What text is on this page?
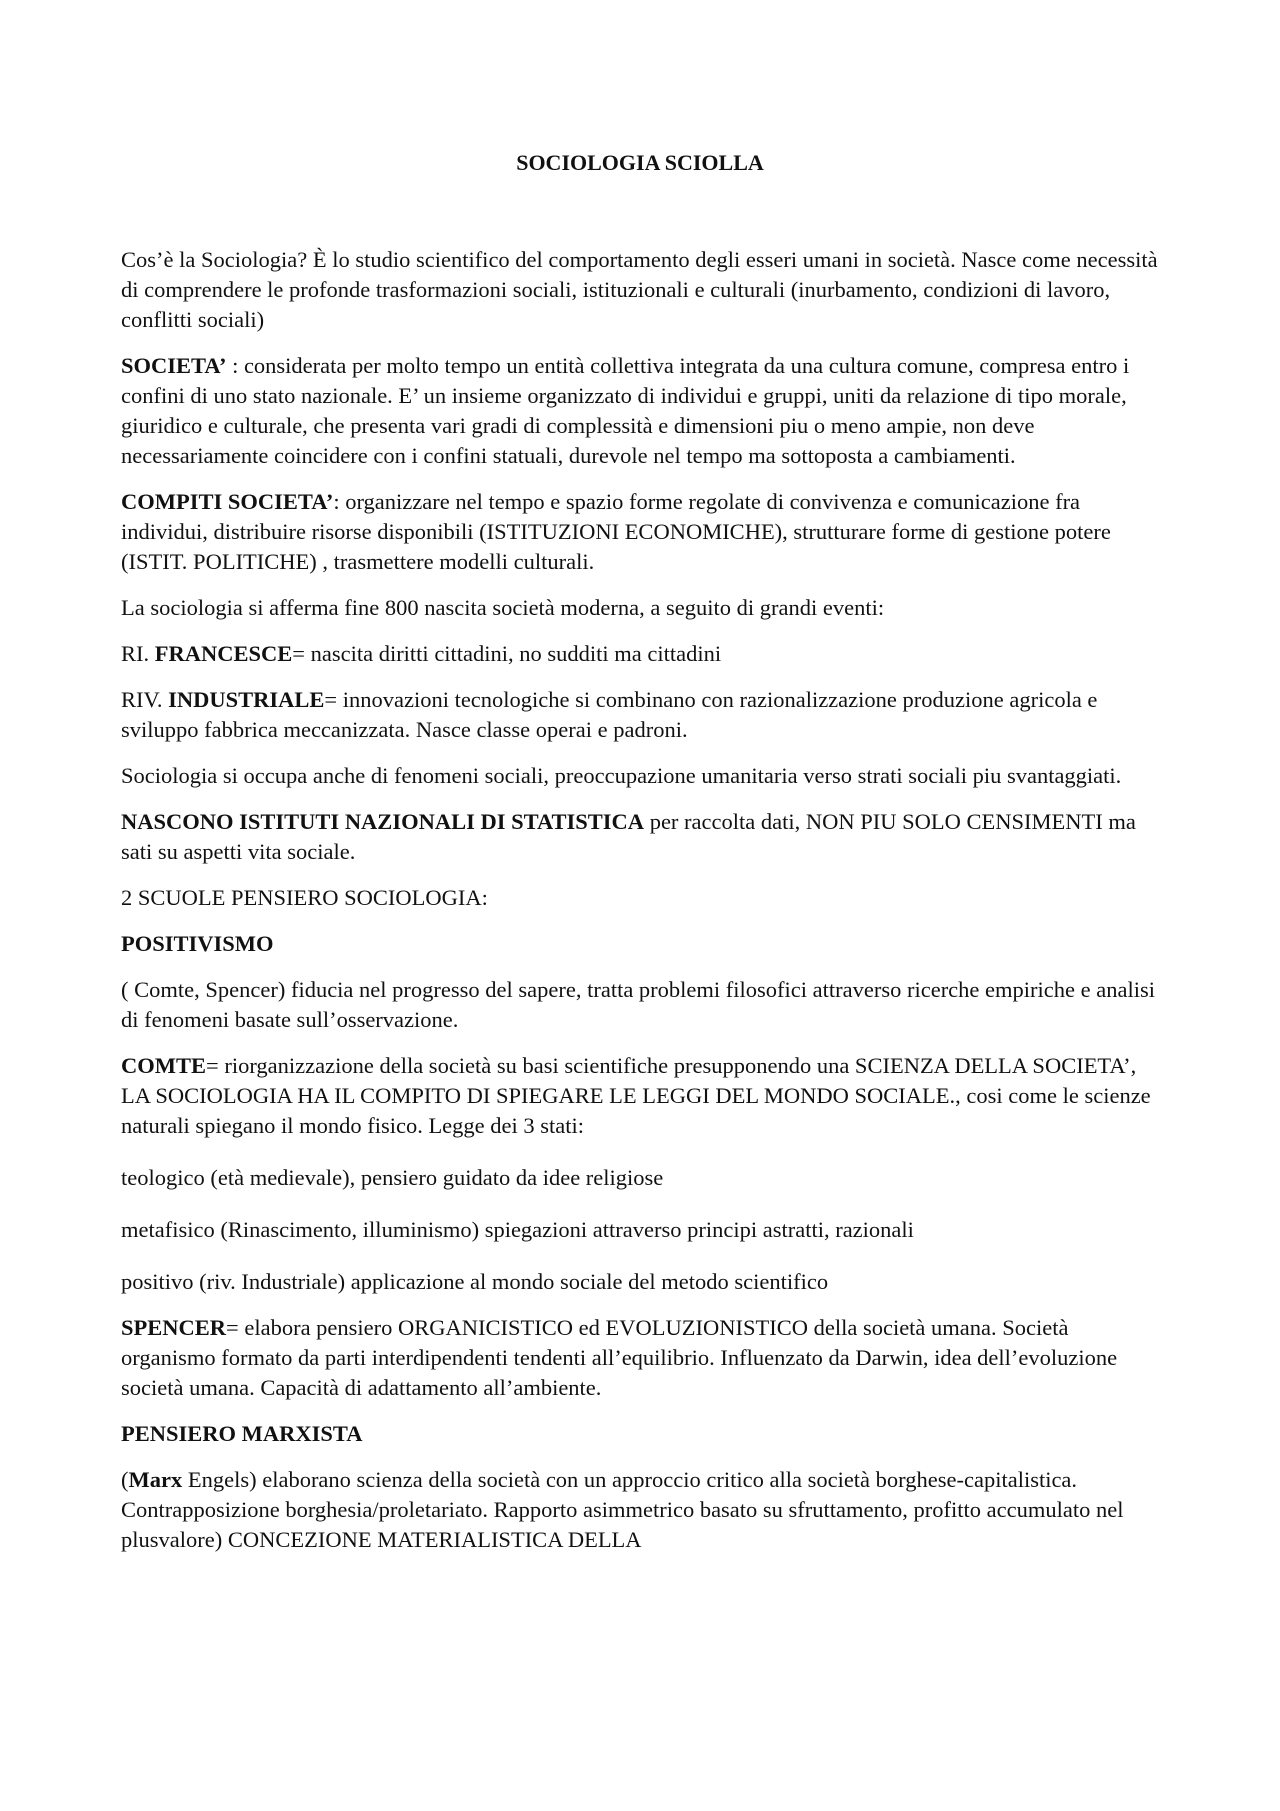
SOCIOLOGIA SCIOLLA

Cos’è la Sociologia? È lo studio scientifico del comportamento degli esseri umani in società. Nasce come necessità di comprendere le profonde trasformazioni sociali, istituzionali e culturali (inurbamento, condizioni di lavoro, conflitti sociali)

SOCIETA’ : considerata per molto tempo un entità collettiva integrata da una cultura comune, compresa entro i confini di uno stato nazionale. E’ un insieme organizzato di individui e gruppi, uniti da relazione di tipo morale, giuridico e culturale, che presenta vari gradi di complessità e dimensioni piu o meno ampie, non deve necessariamente coincidere con i confini statuali, durevole nel tempo ma sottoposta a cambiamenti.

COMPITI SOCIETA’: organizzare nel tempo e spazio forme regolate di convivenza e comunicazione fra individui, distribuire risorse disponibili (ISTITUZIONI ECONOMICHE), strutturare forme di gestione potere (ISTIT. POLITICHE) , trasmettere modelli culturali.

La sociologia si afferma fine 800 nascita società moderna, a seguito di grandi eventi:

RI. FRANCESCE= nascita diritti cittadini, no sudditi ma cittadini

RIV. INDUSTRIALE= innovazioni tecnologiche si combinano con razionalizzazione produzione agricola e sviluppo fabbrica meccanizzata. Nasce classe operai e padroni.

Sociologia si occupa anche di fenomeni sociali, preoccupazione umanitaria verso strati sociali piu svantaggiati.

NASCONO ISTITUTI NAZIONALI DI STATISTICA per raccolta dati, NON PIU SOLO CENSIMENTI ma sati su aspetti vita sociale.

2 SCUOLE PENSIERO SOCIOLOGIA:

POSITIVISMO

( Comte, Spencer) fiducia nel progresso del sapere, tratta problemi filosofici attraverso ricerche empiriche e analisi di fenomeni basate sull’osservazione.

COMTE= riorganizzazione della società su basi scientifiche presupponendo una SCIENZA DELLA SOCIETA’, LA SOCIOLOGIA HA IL COMPITO DI SPIEGARE LE LEGGI DEL MONDO SOCIALE., cosi come le scienze naturali spiegano il mondo fisico. Legge dei 3 stati:

teologico (età medievale), pensiero guidato da idee religiose

metafisico (Rinascimento, illuminismo) spiegazioni attraverso principi astratti, razionali

positivo (riv. Industriale) applicazione al mondo sociale del metodo scientifico

SPENCER= elabora pensiero ORGANICISTICO ed EVOLUZIONISTICO della società umana. Società organismo formato da parti interdipendenti tendenti all’equilibrio. Influenzato da Darwin, idea dell’evoluzione società umana. Capacità di adattamento all’ambiente.

PENSIERO MARXISTA

(Marx Engels) elaborano scienza della società con un approccio critico alla società borghese-capitalistica. Contrapposizione borghesia/proletariato. Rapporto asimmetrico basato su sfruttamento, profitto accumulato nel plusvalore) CONCEZIONE MATERIALISTICA DELLA
